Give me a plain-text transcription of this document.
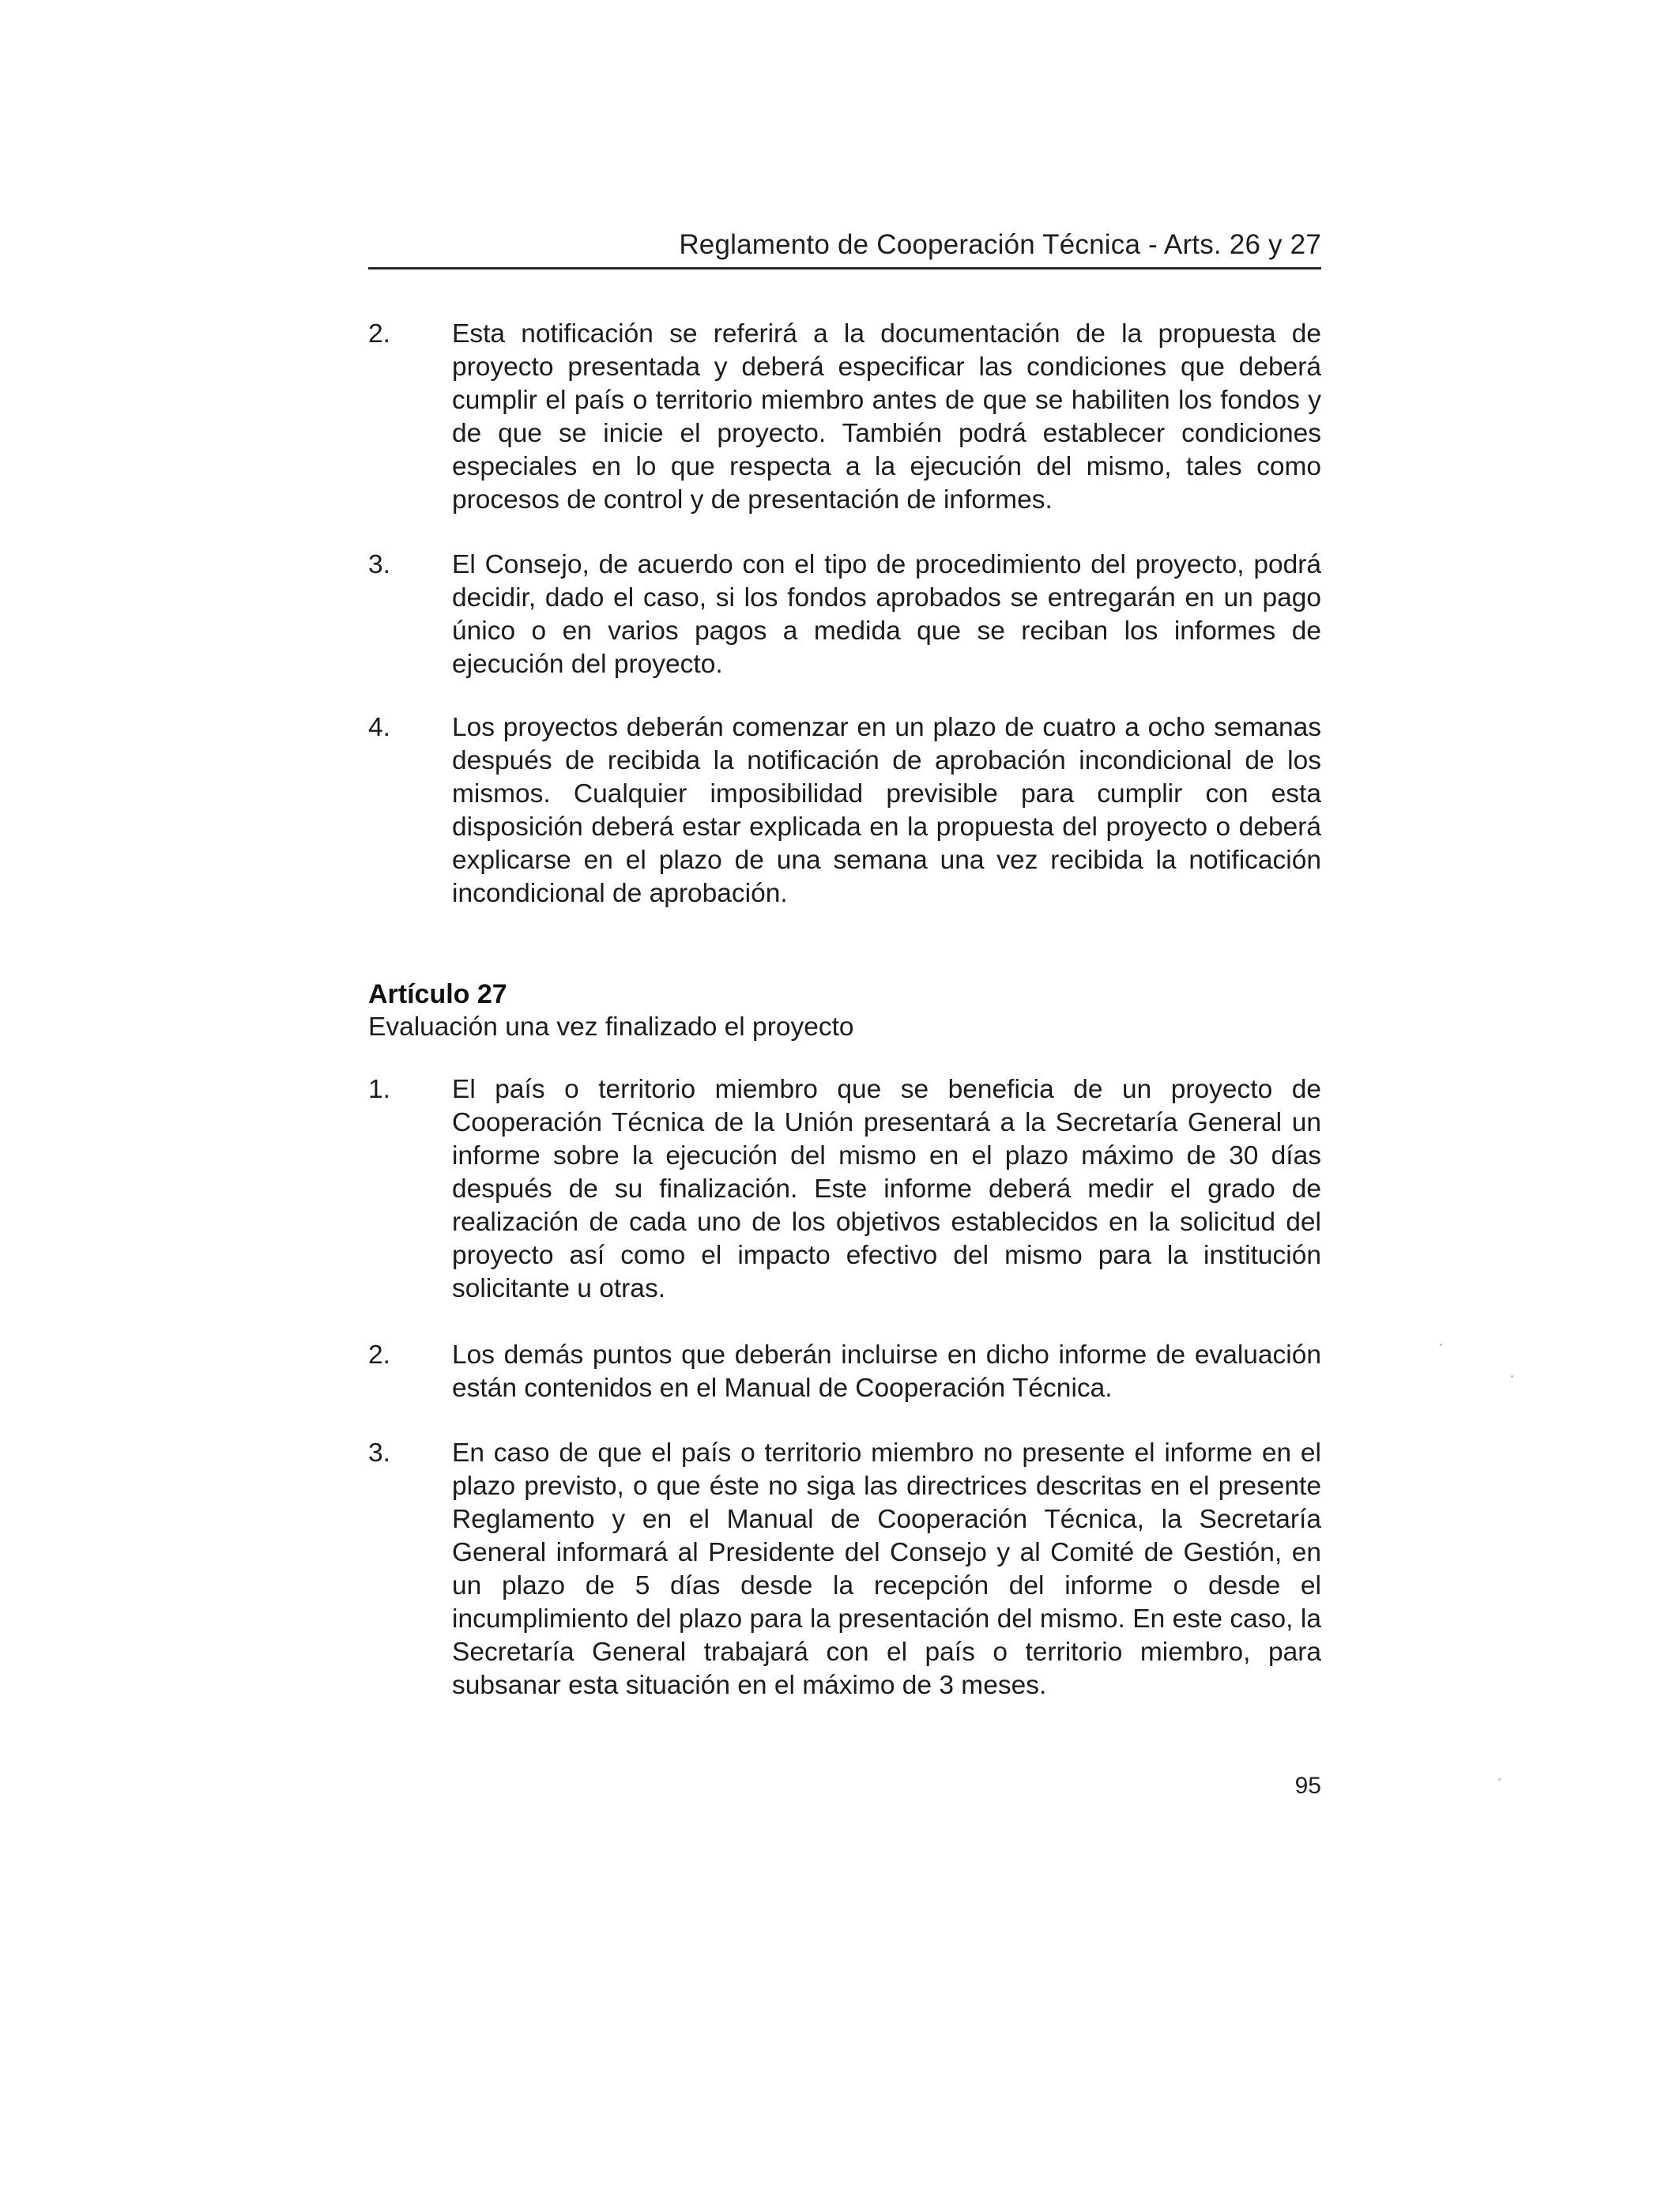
Reglamento de Cooperación Técnica - Arts. 26 y 27
2.	Esta notificación se referirá a la documentación de la propuesta de proyecto presentada y deberá especificar las condiciones que deberá cumplir el país o territorio miembro antes de que se habiliten los fondos y de que se inicie el proyecto. También podrá establecer condiciones especiales en lo que respecta a la ejecución del mismo, tales como procesos de control y de presentación de informes.
3.	El Consejo, de acuerdo con el tipo de procedimiento del proyecto, podrá decidir, dado el caso, si los fondos aprobados se entregarán en un pago único o en varios pagos a medida que se reciban los informes de ejecución del proyecto.
4.	Los proyectos deberán comenzar en un plazo de cuatro a ocho semanas después de recibida la notificación de aprobación incondicional de los mismos. Cualquier imposibilidad previsible para cumplir con esta disposición deberá estar explicada en la propuesta del proyecto o deberá explicarse en el plazo de una semana una vez recibida la notificación incondicional de aprobación.
Artículo 27
Evaluación una vez finalizado el proyecto
1.	El país o territorio miembro que se beneficia de un proyecto de Cooperación Técnica de la Unión presentará a la Secretaría General un informe sobre la ejecución del mismo en el plazo máximo de 30 días después de su finalización. Este informe deberá medir el grado de realización de cada uno de los objetivos establecidos en la solicitud del proyecto así como el impacto efectivo del mismo para la institución solicitante u otras.
2.	Los demás puntos que deberán incluirse en dicho informe de evaluación están contenidos en el Manual de Cooperación Técnica.
3.	En caso de que el país o territorio miembro no presente el informe en el plazo previsto, o que éste no siga las directrices descritas en el presente Reglamento y en el Manual de Cooperación Técnica, la Secretaría General informará al Presidente del Consejo y al Comité de Gestión, en un plazo de 5 días desde la recepción del informe o desde el incumplimiento del plazo para la presentación del mismo. En este caso, la Secretaría General trabajará con el país o territorio miembro, para subsanar esta situación en el máximo de 3 meses.
95
